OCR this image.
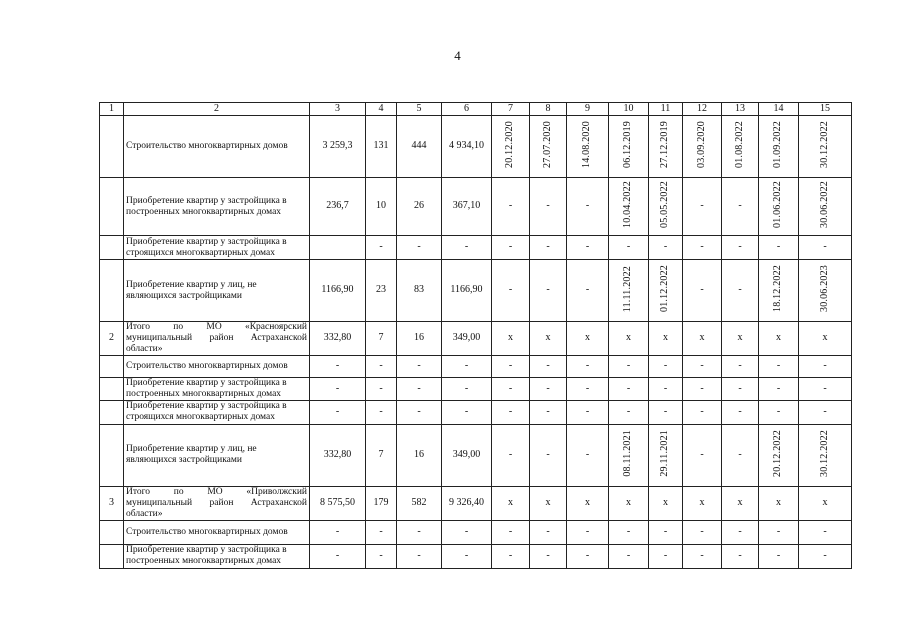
4
1	2	3	4	5	6	7	8	9	10	11	12	13	14	15
	Строительство многоквартирных домов	3 259,3	131	444	4 934,10	20.12.2020	27.07.2020	14.08.2020	06.12.2019	27.12.2019	03.09.2020	01.08.2022	01.09.2022	30.12.2022
	Приобретение квартир у застройщика в построенных многоквартирных домах	236,7	10	26	367,10	-	-	-	10.04.2022	05.05.2022	-	-	01.06.2022	30.06.2022
	Приобретение квартир у застройщика в строящихся многоквартирных домах		-	-	-	-	-	-	-	-	-	-	-	-
	Приобретение квартир у лиц, не являющихся застройщиками	1166,90	23	83	1166,90	-	-	-	11.11.2022	01.12.2022	-	-	18.12.2022	30.06.2023
2	Итого по МО «Красноярский муниципальный район Астраханской области»	332,80	7	16	349,00	x	x	x	x	x	x	x	x	x
	Строительство многоквартирных домов	-	-	-	-	-	-	-	-	-	-	-	-	-
	Приобретение квартир у застройщика в построенных многоквартирных домах	-	-	-	-	-	-	-	-	-	-	-	-	-
	Приобретение квартир у застройщика в строящихся многоквартирных домах	-	-	-	-	-	-	-	-	-	-	-	-	-
	Приобретение квартир у лиц, не являющихся застройщиками	332,80	7	16	349,00	-	-	-	08.11.2021	29.11.2021	-	-	20.12.2022	30.12.2022
3	Итого по МО «Приволжский муниципальный район Астраханской области»	8 575,50	179	582	9 326,40	x	x	x	x	x	x	x	x	x
	Строительство многоквартирных домов	-	-	-	-	-	-	-	-	-	-	-	-	-
	Приобретение квартир у застройщика в построенных многоквартирных домах	-	-	-	-	-	-	-	-	-	-	-	-	-
